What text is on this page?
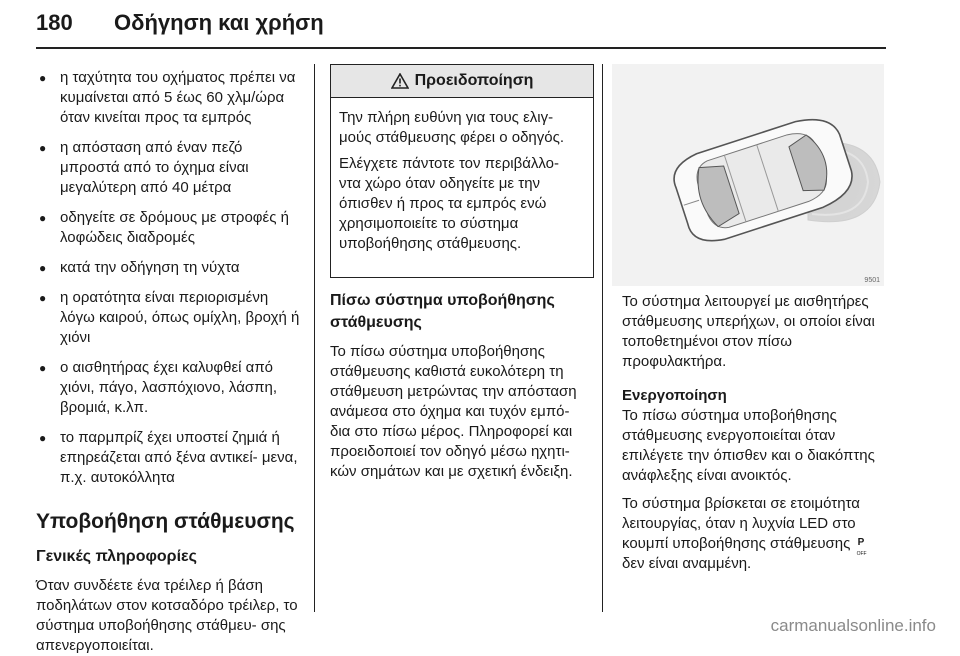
180 Οδήγηση και χρήση
● η ταχύτητα του οχήματος πρέπει να κυμαίνεται από 5 έως 60 χλμ/ώρα όταν κινείται προς τα εμπρός
● η απόσταση από έναν πεζό μπροστά από το όχημα είναι μεγαλύτερη από 40 μέτρα
● οδηγείτε σε δρόμους με στροφές ή λοφώδεις διαδρομές
● κατά την οδήγηση τη νύχτα
● η ορατότητα είναι περιορισμένη λόγω καιρού, όπως ομίχλη, βροχή ή χιόνι
● ο αισθητήρας έχει καλυφθεί από χιόνι, πάγο, λασπόχιονο, λάσπη, βρομιά, κ.λπ.
● το παρμπρίζ έχει υποστεί ζημιά ή επηρεάζεται από ξένα αντικεί- μενα, π.χ. αυτοκόλλητα
Υποβοήθηση στάθμευσης
Γενικές πληροφορίες

Όταν συνδέετε ένα τρέιλερ ή βάση ποδηλάτων στον κοτσαδόρο τρέιλερ, το σύστημα υποβοήθησης στάθμευ- σης απενεργοποιείται.

Προειδοποίηση

Την πλήρη ευθύνη για τους ελιγ- μούς στάθμευσης φέρει ο οδηγός.

Ελέγχετε πάντοτε τον περιβάλλο- ντα χώρο όταν οδηγείτε με την όπισθεν ή προς τα εμπρός ενώ χρησιμοποιείτε το σύστημα υποβοήθησης στάθμευσης.

Πίσω σύστημα υποβοήθησης στάθμευσης

Το πίσω σύστημα υποβοήθησης στάθμευσης καθιστά ευκολότερη τη στάθμευση μετρώντας την απόσταση ανάμεσα στο όχημα και τυχόν εμπό- δια στο πίσω μέρος. Πληροφορεί και προειδοποιεί τον οδηγό μέσω ηχητι- κών σημάτων και με σχετική ένδειξη.

9501

Το σύστημα λειτουργεί με αισθητήρες στάθμευσης υπερήχων, οι οποίοι είναι τοποθετημένοι στον πίσω προφυλακτήρα.

Ενεργοποίηση

Το πίσω σύστημα υποβοήθησης στάθμευσης ενεργοποιείται όταν επιλέγετε την όπισθεν και ο διακόπτης ανάφλεξης είναι ανοικτός.

Το σύστημα βρίσκεται σε ετοιμότητα λειτουργίας, όταν η λυχνία LED στο κουμπί υποβοήθησης στάθμευσης P
OFF

δεν είναι αναμμένη.

carmanualsonline.info
